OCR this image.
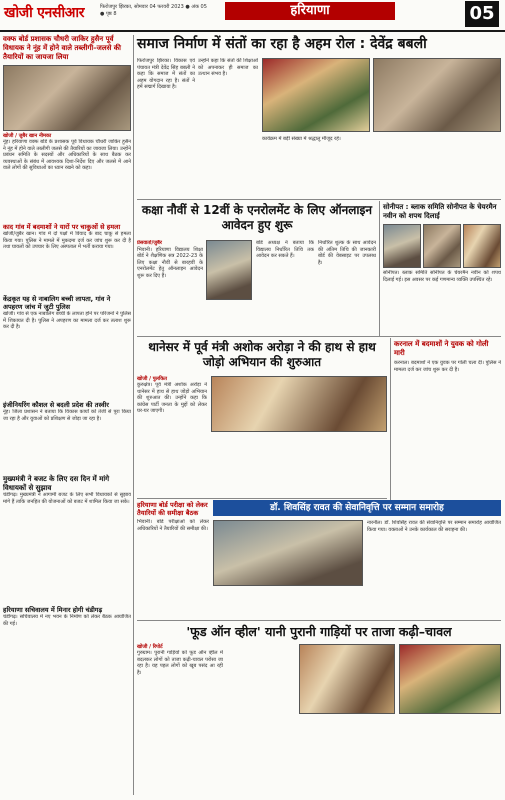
खोजी एनसीआर	फिरोजपुर झिरका, सोमवार 04 फरवरी 2023 ● अंक 05 ● पृष्ठ 8	हरियाणा	05
वक्फ बोर्ड प्रशासक चौधरी जाकिर हुसैन पूर्व विधायक ने नूंह में होने वाले तब्लीगी–जलसे की तैयारियों का जायजा लिया
खोजी / जुबैर खान नीमका
नूंह। हरियाणा वक्फ बोर्ड के प्रशासक पूर्व विधायक चौधरी जाकिर हुसैन ने नूंह में होने वाले तब्लीगी जलसे की तैयारियों का जायजा लिया। उन्होंने प्रबंधन समिति के सदस्यों और अधिकारियों के साथ बैठक कर व्यवस्थाओं के संबंध में आवश्यक दिशा-निर्देश दिए और जलसे में आने वाले लोगों की सुविधाओं का ध्यान रखने को कहा।
काद गांव में बदमाशों ने यारों पर चाकुओं से हमला
खोजी/जुबैर खान। गांव में दो पक्षों में विवाद के बाद चाकू से हमला किया गया। पुलिस ने मामले में मुकदमा दर्ज कर जांच शुरू कर दी है तथा घायलों को उपचार के लिए अस्पताल में भर्ती कराया गया।
केंद्रकृत यह से नाबालिग बच्ची लापता, गांव ने अपहरण जांच में जुटी पुलिस
खोजी। गांव से एक नाबालिग बच्ची के लापता होने पर परिजनों ने पुलिस में शिकायत दी है। पुलिस ने अपहरण का मामला दर्ज कर तलाश शुरू कर दी है।
इंजीनियरिंग कौशल से बदली प्रदेश की तस्वीर
नूंह। जिला प्रशासन ने बताया कि विकास कार्यों को तेजी से पूरा किया जा रहा है और युवाओं को प्रशिक्षण से जोड़ा जा रहा है।
मुख्यमंत्री ने बजट के लिए दस दिन में मांगे विधायकों से सुझाव
चंडीगढ़। मुख्यमंत्री ने आगामी बजट के लिए सभी विधायकों से सुझाव मांगे हैं ताकि जनहित की योजनाओं को बजट में शामिल किया जा सके।
हरियाणा सचिवालय में मिनार होगी चंडीगढ़
चंडीगढ़। सचिवालय में नए भवन के निर्माण को लेकर बैठक आयोजित की गई।
समाज निर्माण में संतों का रहा है अहम रोल : देवेंद्र बबली
फिरोजपुर झिरका। विकास एवं पंचायत मंत्री देवेंद्र सिंह बबली ने कहा कि समाज में संतों का अहम योगदान रहा है। संतों ने हमें सद्मार्ग दिखाया है।
उन्होंने कहा कि संतों की शिक्षाओं को अपनाकर ही समाज का उत्थान संभव है।
कार्यक्रम में बड़ी संख्या में श्रद्धालु मौजूद रहे।
कक्षा नौवीं से 12वीं के एनरोलमेंट के लिए ऑनलाइन आवेदन हुए शुरू
प्रेसवार्ता/जुबैर
भिवानी। हरियाणा विद्यालय शिक्षा बोर्ड ने शैक्षणिक सत्र 2022-23 के लिए कक्षा नौवीं से बारहवीं के एनरोलमेंट हेतु ऑनलाइन आवेदन शुरू कर दिए हैं।
बोर्ड अध्यक्ष ने बताया कि विद्यालय निर्धारित तिथि तक आवेदन कर सकते हैं।
निर्धारित शुल्क के साथ आवेदन की अंतिम तिथि की जानकारी बोर्ड की वेबसाइट पर उपलब्ध है।
सोनीपत : ब्लाक समिति सोनीपत के चेयरमैन नवीन को शपथ दिलाई
सोनीपत। ब्लाक समिति सोनीपत के चेयरमैन नवीन को शपथ दिलाई गई। इस अवसर पर कई गणमान्य व्यक्ति उपस्थित रहे।
थानेसर में पूर्व मंत्री अशोक अरोड़ा ने की हाथ से हाथ जोड़ो अभियान की शुरुआत
खोजी / पुलकित
कुरुक्षेत्र। पूर्व मंत्री अशोक अरोड़ा ने थानेसर में हाथ से हाथ जोड़ो अभियान की शुरुआत की। उन्होंने कहा कि कांग्रेस पार्टी जनता के मुद्दों को लेकर घर-घर जाएगी।
करनाल में बदमाशों ने युवक को गोली मारी
करनाल। बदमाशों ने एक युवक पर गोली चला दी। पुलिस ने मामला दर्ज कर जांच शुरू कर दी है।
हरियाणा बोर्ड परीक्षा को लेकर तैयारियों की समीक्षा बैठक
भिवानी। बोर्ड परीक्षाओं को लेकर अधिकारियों ने तैयारियों की समीक्षा की।
डॉ. शिवसिंह रावत की सेवानिवृत्ति पर सम्मान समारोह
नारनौल। डॉ. शिवसिंह रावत की सेवानिवृत्ति पर सम्मान समारोह आयोजित किया गया। वक्ताओं ने उनके कार्यकाल की सराहना की।
'फूड ऑन व्हील' यानी पुरानी गाड़ियों पर ताजा कढ़ी–चावल
खोजी / रिपोर्ट
गुरुग्राम। पुरानी गाड़ियों को फूड ऑन व्हील में बदलकर लोगों को ताजा कढ़ी-चावल परोसा जा रहा है। यह पहल लोगों को खूब पसंद आ रही है।
